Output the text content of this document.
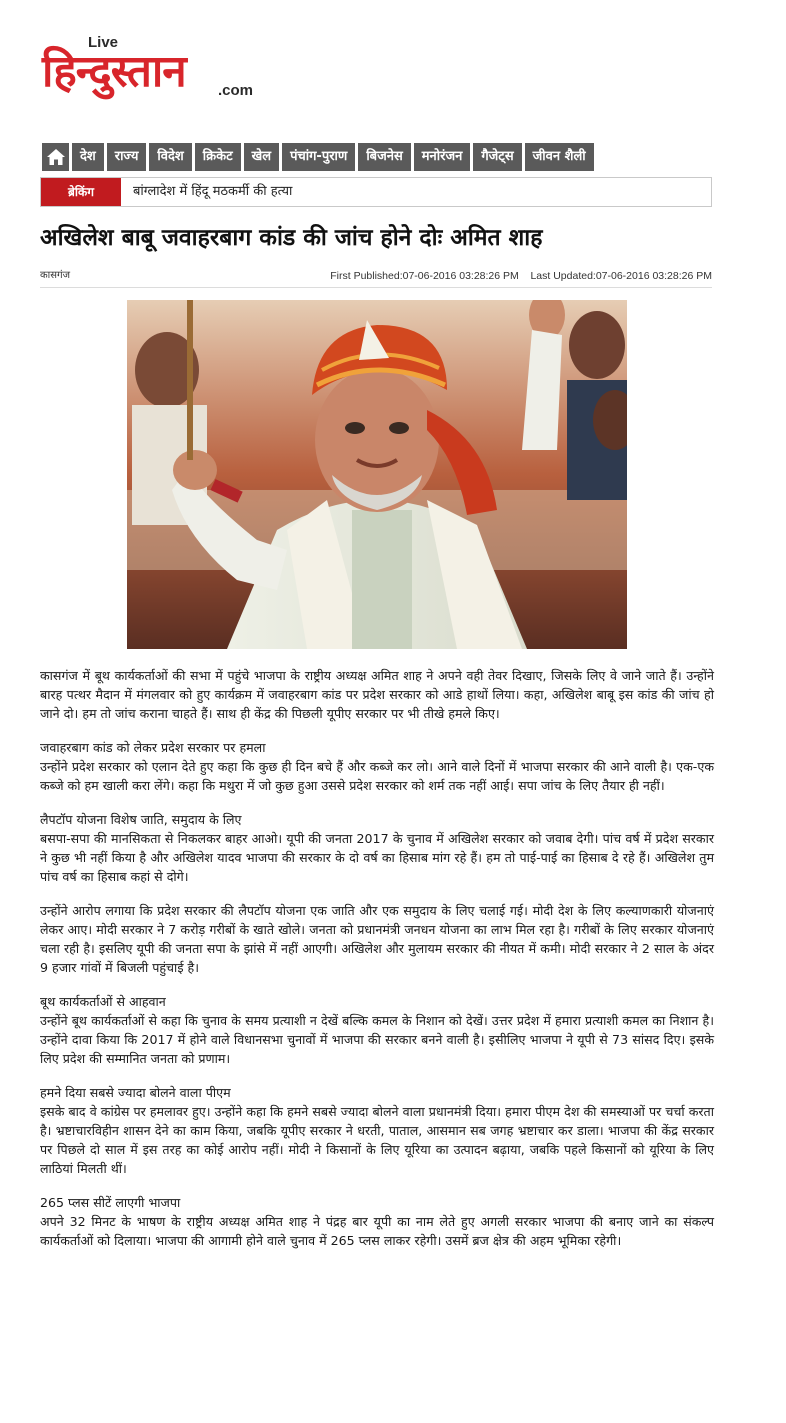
Live
हिन्दुस्तान .com
देश	राज्य	विदेश	क्रिकेट	खेल	पंचांग-पुराण	बिजनेस	मनोरंजन	गैजेट्स	जीवन शैली
ब्रेकिंग	बांग्लादेश में हिंदू मठकर्मी की हत्या
अखिलेश बाबू जवाहरबाग कांड की जांच होने दोः अमित शाह
कासगंज	First Published:07-06-2016 03:28:26 PM Last Updated:07-06-2016 03:28:26 PM

कासगंज में बूथ कार्यकर्ताओं की सभा में पहुंचे भाजपा के राष्ट्रीय अध्यक्ष अमित शाह ने अपने वही तेवर दिखाए, जिसके लिए वे जाने जाते हैं। उन्होंने बारह पत्थर मैदान में मंगलवार को हुए कार्यक्रम में जवाहरबाग कांड पर प्रदेश सरकार को आडे हाथों लिया। कहा, अखिलेश बाबू इस कांड की जांच हो जाने दो। हम तो जांच कराना चाहते हैं। साथ ही केंद्र की पिछली यूपीए सरकार पर भी तीखे हमले किए।

जवाहरबाग कांड को लेकर प्रदेश सरकार पर हमला
उन्होंने प्रदेश सरकार को एलान देते हुए कहा कि कुछ ही दिन बचे हैं और कब्जे कर लो। आने वाले दिनों में भाजपा सरकार की आने वाली है। एक-एक कब्जे को हम खाली करा लेंगे। कहा कि मथुरा में जो कुछ हुआ उससे प्रदेश सरकार को शर्म तक नहीं आई। सपा जांच के लिए तैयार ही नहीं।

लैपटॉप योजना विशेष जाति, समुदाय के लिए
बसपा-सपा की मानसिकता से निकलकर बाहर आओ। यूपी की जनता 2017 के चुनाव में अखिलेश सरकार को जवाब देगी। पांच वर्ष में प्रदेश सरकार ने कुछ भी नहीं किया है और अखिलेश यादव भाजपा की सरकार के दो वर्ष का हिसाब मांग रहे हैं। हम तो पाई-पाई का हिसाब दे रहे हैं। अखिलेश तुम पांच वर्ष का हिसाब कहां से दोगे।

उन्होंने आरोप लगाया कि प्रदेश सरकार की लैपटॉप योजना एक जाति और एक समुदाय के लिए चलाई गई। मोदी देश के लिए कल्याणकारी योजनाएं लेकर आए। मोदी सरकार ने 7 करोड़ गरीबों के खाते खोले। जनता को प्रधानमंत्री जनधन योजना का लाभ मिल रहा है। गरीबों के लिए सरकार योजनाएं चला रही है। इसलिए यूपी की जनता सपा के झांसे में नहीं आएगी। अखिलेश और मुलायम सरकार की नीयत में कमी। मोदी सरकार ने 2 साल के अंदर 9 हजार गांवों में बिजली पहुंचाई है।

बूथ कार्यकर्ताओं से आहवान
उन्होंने बूथ कार्यकर्ताओं से कहा कि चुनाव के समय प्रत्याशी न देखें बल्कि कमल के निशान को देखें। उत्तर प्रदेश में हमारा प्रत्याशी कमल का निशान है। उन्होंने दावा किया कि 2017 में होने वाले विधानसभा चुनावों में भाजपा की सरकार बनने वाली है। इसीलिए भाजपा ने यूपी से 73 सांसद दिए। इसके लिए प्रदेश की सम्मानित जनता को प्रणाम।

हमने दिया सबसे ज्यादा बोलने वाला पीएम
इसके बाद वे कांग्रेस पर हमलावर हुए। उन्होंने कहा कि हमने सबसे ज्यादा बोलने वाला प्रधानमंत्री दिया। हमारा पीएम देश की समस्याओं पर चर्चा करता है। भ्रष्टाचारविहीन शासन देने का काम किया, जबकि यूपीए सरकार ने धरती, पाताल, आसमान सब जगह भ्रष्टाचार कर डाला। भाजपा की केंद्र सरकार पर पिछले दो साल में इस तरह का कोई आरोप नहीं। मोदी ने किसानों के लिए यूरिया का उत्पादन बढ़ाया, जबकि पहले किसानों को यूरिया के लिए लाठियां मिलती थीं।

265 प्लस सीटें लाएगी भाजपा
अपने 32 मिनट के भाषण के राष्ट्रीय अध्यक्ष अमित शाह ने पंद्रह बार यूपी का नाम लेते हुए अगली सरकार भाजपा की बनाए जाने का संकल्प कार्यकर्ताओं को दिलाया। भाजपा की आगामी होने वाले चुनाव में 265 प्लस लाकर रहेगी। उसमें ब्रज क्षेत्र की अहम भूमिका रहेगी।
